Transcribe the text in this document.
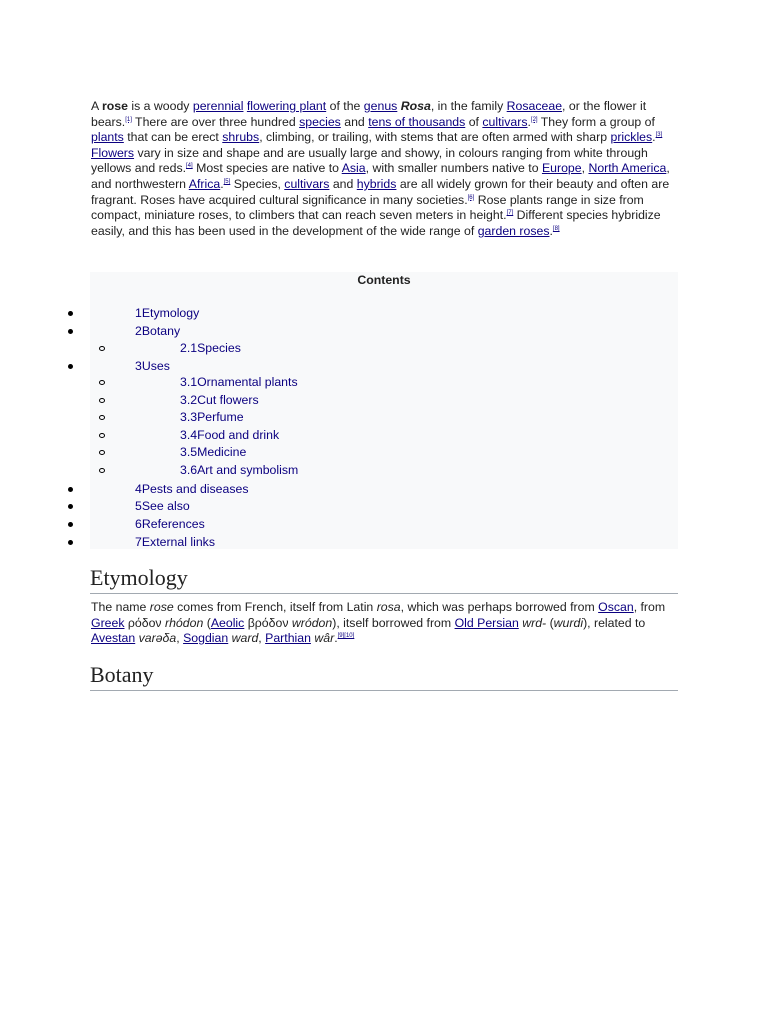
A rose is a woody perennial flowering plant of the genus Rosa, in the family Rosaceae, or the flower it bears.[1] There are over three hundred species and tens of thousands of cultivars.[2] They form a group of plants that can be erect shrubs, climbing, or trailing, with stems that are often armed with sharp prickles.[3] Flowers vary in size and shape and are usually large and showy, in colours ranging from white through yellows and reds.[4] Most species are native to Asia, with smaller numbers native to Europe, North America, and northwestern Africa.[5] Species, cultivars and hybrids are all widely grown for their beauty and often are fragrant. Roses have acquired cultural significance in many societies.[6] Rose plants range in size from compact, miniature roses, to climbers that can reach seven meters in height.[7] Different species hybridize easily, and this has been used in the development of the wide range of garden roses.[8]
Contents
1Etymology
2Botany
2.1Species
3Uses
3.1Ornamental plants
3.2Cut flowers
3.3Perfume
3.4Food and drink
3.5Medicine
3.6Art and symbolism
4Pests and diseases
5See also
6References
7External links
Etymology
The name rose comes from French, itself from Latin rosa, which was perhaps borrowed from Oscan, from Greek ρόδον rhódon (Aeolic βρόδον wródon), itself borrowed from Old Persian wrd- (wurdi), related to Avestan varəδa, Sogdian ward, Parthian wâr.[9][10]
Botany
